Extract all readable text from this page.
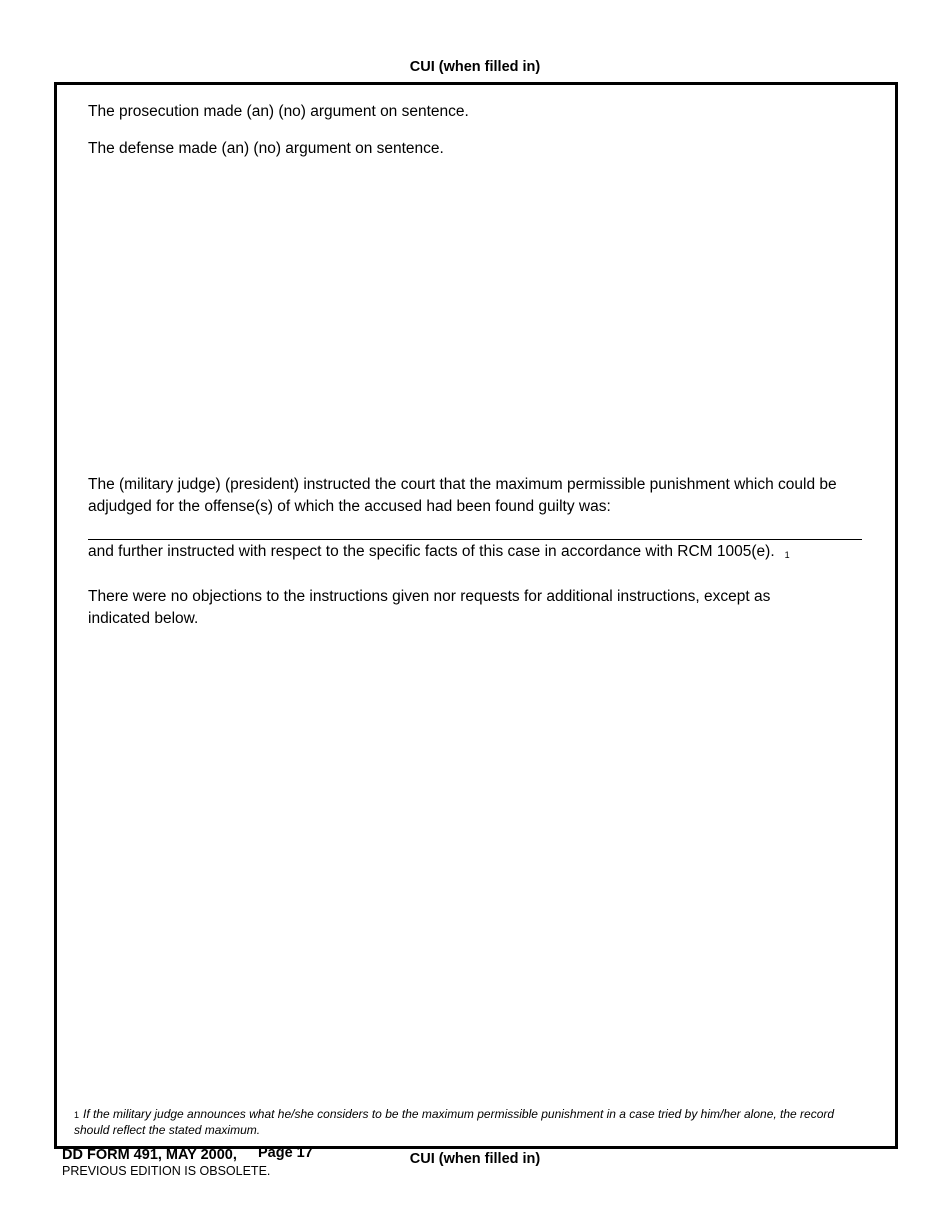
CUI (when filled in)
The prosecution made (an) (no) argument on sentence.
The defense made (an) (no) argument on sentence.
The (military judge) (president) instructed the court that the maximum permissible punishment which could be adjudged for the offense(s) of which the accused had been found guilty was:
and further instructed with respect to the specific facts of this case in accordance with RCM 1005(e). 1
There were no objections to the instructions given nor requests for additional instructions, except as indicated below.
1 If the military judge announces what he/she considers to be the maximum permissible punishment in a case tried by him/her alone, the record should reflect the stated maximum.
DD FORM 491, MAY 2000, Page 17
PREVIOUS EDITION IS OBSOLETE.
CUI (when filled in)
